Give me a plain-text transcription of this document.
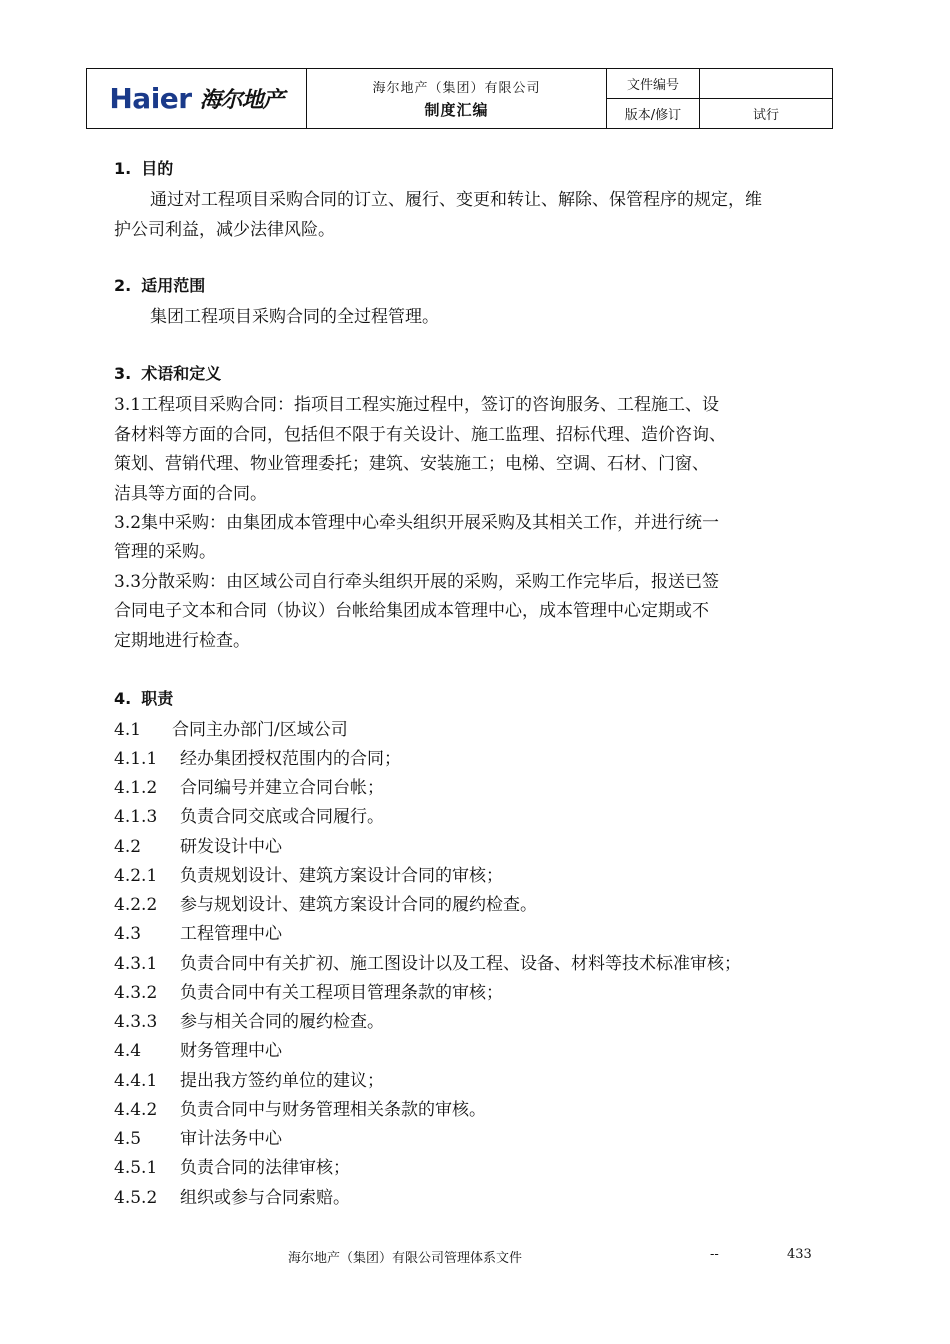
Haier 海尔地产	海尔地产（集团）有限公司
制度汇编
文件编号
版本/修订	试行
1. 目的
通过对工程项目采购合同的订立、履行、变更和转让、解除、保管程序的规定，维
护公司利益，减少法律风险。
2. 适用范围
集团工程项目采购合同的全过程管理。
3. 术语和定义
3.1工程项目采购合同：指项目工程实施过程中，签订的咨询服务、工程施工、设
备材料等方面的合同，包括但不限于有关设计、施工监理、招标代理、造价咨询、
策划、营销代理、物业管理委托；建筑、安装施工；电梯、空调、石材、门窗、
洁具等方面的合同。
3.2集中采购：由集团成本管理中心牵头组织开展采购及其相关工作，并进行统一
管理的采购。
3.3分散采购：由区域公司自行牵头组织开展的采购，采购工作完毕后，报送已签
合同电子文本和合同（协议）台帐给集团成本管理中心，成本管理中心定期或不
定期地进行检查。
4. 职责
4.1 合同主办部门/区域公司
4.1.1 经办集团授权范围内的合同；
4.1.2 合同编号并建立合同台帐；
4.1.3 负责合同交底或合同履行。
4.2 研发设计中心
4.2.1 负责规划设计、建筑方案设计合同的审核；
4.2.2 参与规划设计、建筑方案设计合同的履约检查。
4.3 工程管理中心
4.3.1 负责合同中有关扩初、施工图设计以及工程、设备、材料等技术标准审核；
4.3.2 负责合同中有关工程项目管理条款的审核；
4.3.3 参与相关合同的履约检查。
4.4 财务管理中心
4.4.1 提出我方签约单位的建议；
4.4.2 负责合同中与财务管理相关条款的审核。
4.5 审计法务中心
4.5.1 负责合同的法律审核；
4.5.2 组织或参与合同索赔。
海尔地产（集团）有限公司管理体系文件	--	433
